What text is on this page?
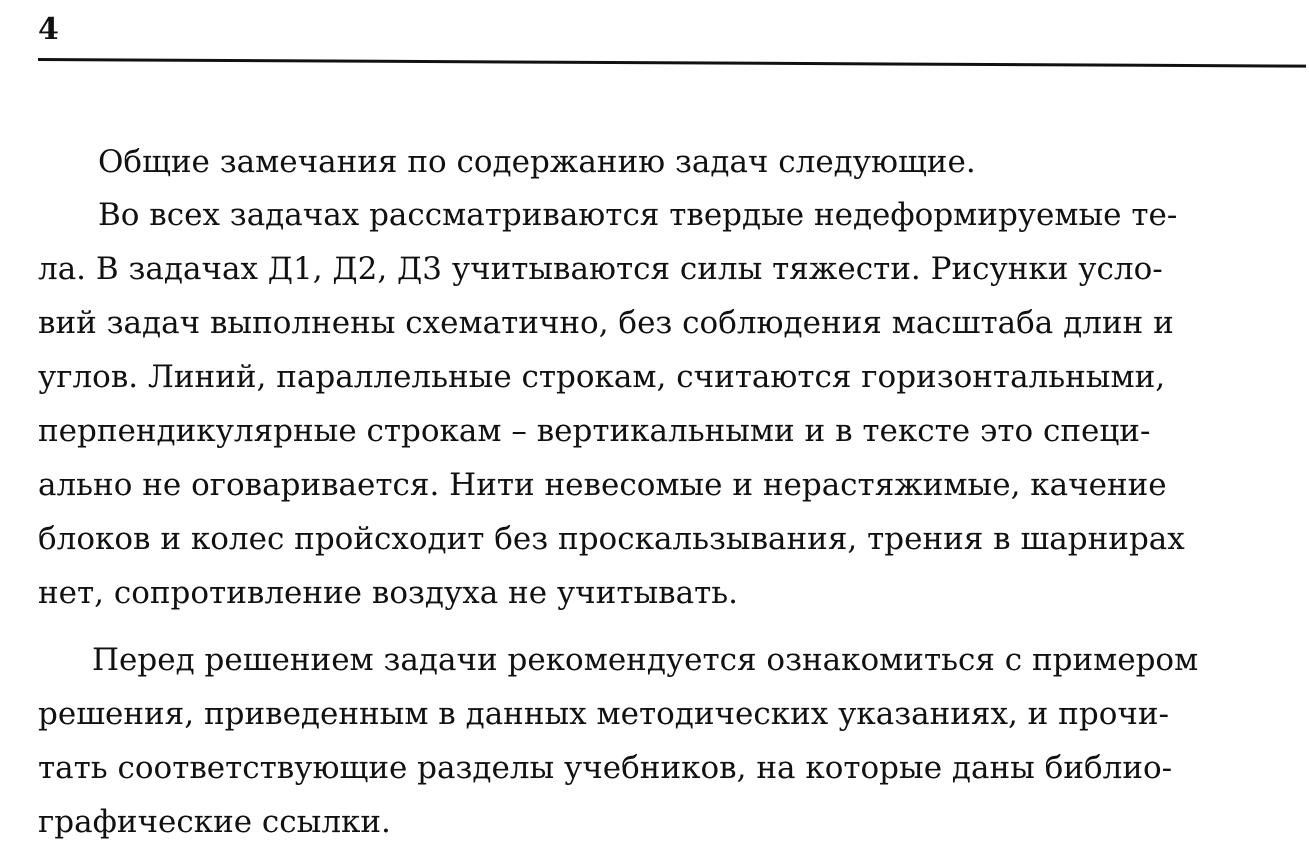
4
Общие замечания по содержанию задач следующие.
Во всех задачах рассматриваются твердые недеформируемые те-
ла. В задачах Д1, Д2, Д3 учитываются силы тяжести. Рисунки усло-
вий задач выполнены схематично, без соблюдения масштаба длин и
углов. Линий, параллельные строкам, считаются горизонтальными,
перпендикулярные строкам – вертикальными и в тексте это специ-
ально не оговаривается. Нити невесомые и нерастяжимые, качение
блоков и колес пройсходит без проскальзывания, трения в шарнирах
нет, сопротивление воздуха не учитывать.
Перед решением задачи рекомендуется ознакомиться с примером
решения, приведенным в данных методических указаниях, и прочи-
тать соответствующие разделы учебников, на которые даны библио-
графические ссылки.
